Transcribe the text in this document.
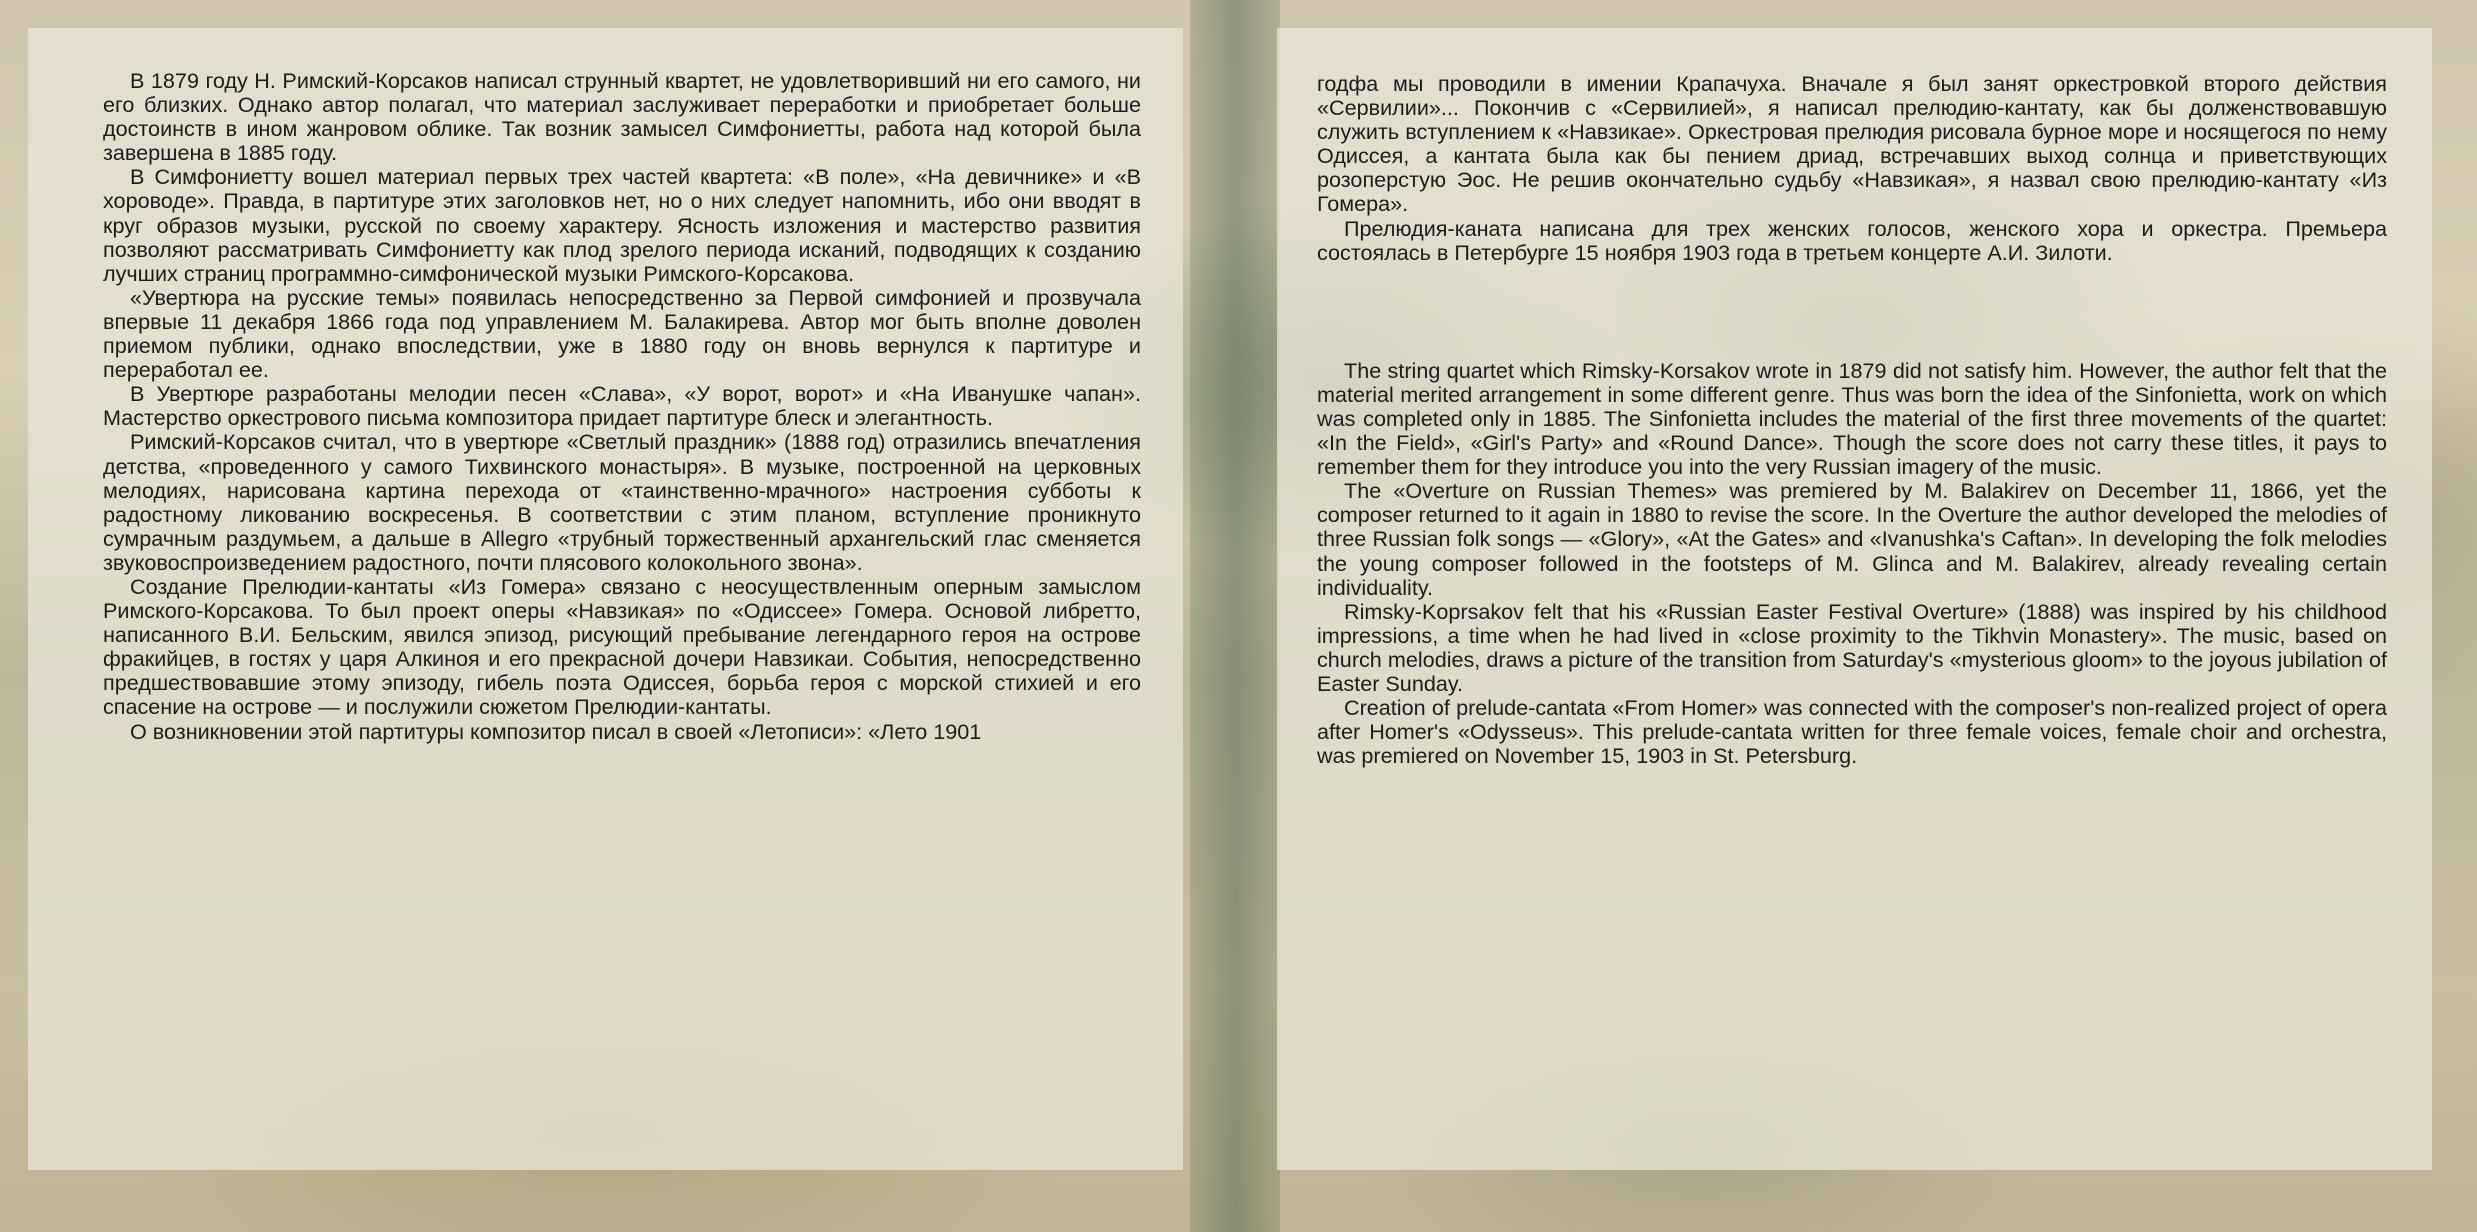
В 1879 году Н. Римский-Корсаков написал струнный квартет, не удовлетворивший ни его самого, ни его близких. Однако автор полагал, что материал заслуживает переработки и приобретает больше достоинств в ином жанровом облике. Так возник замысел Симфониетты, работа над которой была завершена в 1885 году.

В Симфониетту вошел материал первых трех частей квартета: «В поле», «На девичнике» и «В хороводе». Правда, в партитуре этих заголовков нет, но о них следует напомнить, ибо они вводят в круг образов музыки, русской по своему характеру. Ясность изложения и мастерство развития позволяют рассматривать Симфониетту как плод зрелого периода исканий, подводящих к созданию лучших страниц программно-симфонической музыки Римского-Корсакова.

«Увертюра на русские темы» появилась непосредственно за Первой симфонией и прозвучала впервые 11 декабря 1866 года под управлением М. Балакирева. Автор мог быть вполне доволен приемом публики, однако впоследствии, уже в 1880 году он вновь вернулся к партитуре и переработал ее.

В Увертюре разработаны мелодии песен «Слава», «У ворот, ворот» и «На Иванушке чапан». Мастерство оркестрового письма композитора придает партитуре блеск и элегантность.

Римский-Корсаков считал, что в увертюре «Светлый праздник» (1888 год) отразились впечатления детства, «проведенного у самого Тихвинского монастыря». В музыке, построенной на церковных мелодиях, нарисована картина перехода от «таинственно-мрачного» настроения субботы к радостному ликованию воскресенья. В соответствии с этим планом, вступление проникнуто сумрачным раздумьем, а дальше в Allegro «трубный торжественный архангельский глас сменяется звуковоспроизведением радостного, почти плясового колокольного звона».

Создание Прелюдии-кантаты «Из Гомера» связано с неосуществленным оперным замыслом Римского-Корсакова. То был проект оперы «Навзикая» по «Одиссее» Гомера. Основой либретто, написанного В.И. Бельским, явился эпизод, рисующий пребывание легендарного героя на острове фракийцев, в гостях у царя Алкиноя и его прекрасной дочери Навзикаи. События, непосредственно предшествовавшие этому эпизоду, гибель поэта Одиссея, борьба героя с морской стихией и его спасение на острове — и послужили сюжетом Прелюдии-кантаты.

О возникновении этой партитуры композитор писал в своей «Летописи»: «Лето 1901

годфа мы проводили в имении Крапачуха. Вначале я был занят оркестровкой второго действия «Сервилии»... Покончив с «Сервилией», я написал прелюдию-кантату, как бы долженствовавшую служить вступлением к «Навзикае». Оркестровая прелюдия рисовала бурное море и носящегося по нему Одиссея, а кантата была как бы пением дриад, встречавших выход солнца и приветствующих розоперстую Эос. Не решив окончательно судьбу «Навзикая», я назвал свою прелюдию-кантату «Из Гомера».

Прелюдия-каната написана для трех женских голосов, женского хора и оркестра. Премьера состоялась в Петербурге 15 ноября 1903 года в третьем концерте А.И. Зилоти.

The string quartet which Rimsky-Korsakov wrote in 1879 did not satisfy him. However, the author felt that the material merited arrangement in some different genre. Thus was born the idea of the Sinfonietta, work on which was completed only in 1885. The Sinfonietta includes the material of the first three movements of the quartet: «In the Field», «Girl's Party» and «Round Dance». Though the score does not carry these titles, it pays to remember them for they introduce you into the very Russian imagery of the music.

The «Overture on Russian Themes» was premiered by M. Balakirev on December 11, 1866, yet the composer returned to it again in 1880 to revise the score. In the Overture the author developed the melodies of three Russian folk songs — «Glory», «At the Gates» and «Ivanushka's Caftan». In developing the folk melodies the young composer followed in the footsteps of M. Glinca and M. Balakirev, already revealing certain individuality.

Rimsky-Koprsakov felt that his «Russian Easter Festival Overture» (1888) was inspired by his childhood impressions, a time when he had lived in «close proximity to the Tikhvin Monastery». The music, based on church melodies, draws a picture of the transition from Saturday's «mysterious gloom» to the joyous jubilation of Easter Sunday.

Creation of prelude-cantata «From Homer» was connected with the composer's non-realized project of opera after Homer's «Odysseus». This prelude-cantata written for three female voices, female choir and orchestra, was premiered on November 15, 1903 in St. Petersburg.
